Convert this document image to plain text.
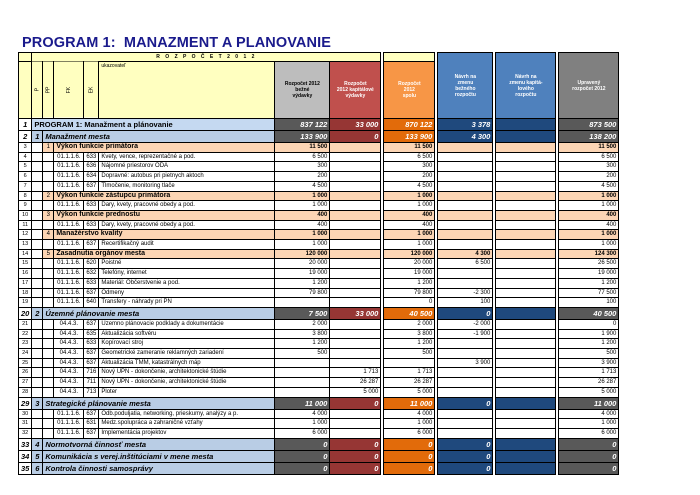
PROGRAM 1:  MANAZMENT A PLANOVANIE
	R O Z P O Č E T 2 0 1 2										Návrh na
zmenu
bežného
rozpočtu		Návrh na
zmenu kapitá-
lového
rozpočtu		Upravený
rozpočet 2012
	P	PP	FK	EK	ukazovateľ	Rozpočet 2012
bežné
výdavky	Rozpočet
2012 kapitálové
výdavky		Rozpočet
2012
spolu						
1	PROGRAM 1: Manažment a plánovanie					837 122	33 000		870 122		3 378				873 500
2	1	Manažment mesta				133 900	0		133 900		4 300				138 200
3		1	Výkon funkcie primátora			11 500			11 500						11 500
4			01.1.1.6.	633	Kvety, vence, reprezentačné a pod.	6 500			6 500						6 500
5			01.1.1.6.	636	Nájomné priestorov ODA	300			300						300
6			01.1.1.6.	634	Dopravné: autobus pri pietnych aktoch	200			200						200
7			01.1.1.6.	637	Tlmočenie, monitoring tlače	4 500			4 500						4 500
8		2	Výkon funkcie zástupcu primátora			1 000			1 000						1 000
9			01.1.1.6.	633	Dary, kvety, pracovné obedy a pod.	1 000			1 000						1 000
10		3	Výkon funkcie prednostu			400			400						400
11			01.1.1.6.	633	Dary, kvety, pracovné obedy a pod.	400			400						400
12		4	Manažérstvo kvality			1 000			1 000						1 000
13			01.1.1.6.	637	Recertifikačný audit	1 000			1 000						1 000
14		5	Zasadnutia orgánov mesta			120 000			120 000		4 300				124 300
15			01.1.1.6.	620	Poistné	20 000			20 000		6 500				26 500
16			01.1.1.6.	632	Telefóny, internet	19 000			19 000						19 000
17			01.1.1.6.	633	Materiál: Občerstvenie a pod.	1 200			1 200						1 200
18			01.1.1.6.	637	Odmeny	79 800			79 800		-2 300				77 500
19			01.1.1.6.	640	Transfery - náhrady pri PN				0		100				100
20	2	Územné plánovanie mesta				7 500	33 000		40 500		0				40 500
21			04.4.3.	637	Územno plánovacie podklady a dokumentácie	2 000			2 000		-2 000				0
22			04.4.3.	635	Aktualizácia softvéru	3 800			3 800		-1 900				1 900
23			04.4.3.	633	Kopírovací stroj	1 200			1 200						1 200
24			04.4.3.	637	Geometrické zameranie reklamných zariadení	500			500						500
25			04.4.3.	637	Aktualizácia TMM, katastrálnych máp						3 900				3 900
26			04.4.3.	716	Nový ÚPN - dokončenie, architektonické štúdie		1 713		1 713						1 713
27			04.4.3.	711	Nový ÚPN - dokončenie, architektonické štúdie		26 287		26 287						26 287
28			04.4.3.	713	Ploter		5 000		5 000						5 000
29	3	Strategické plánovanie mesta				11 000	0		11 000		0				11 000
30			01.1.1.6.	637	Odb.poduljatia, networking, prieskumy, analýzy a p.	4 000			4 000						4 000
31			01.1.1.6.	631	Medz.spolupráca a zahraničné vzťahy	1 000			1 000						1 000
32			01.1.1.6.	637	Implementácia projektov	6 000			6 000						6 000
33	4	Normotvorná činnosť mesta				0	0		0		0				0
34	5	Komunikácia s verej.inštitúciami v mene mesta				0	0		0		0				0
35	6	Kontrola činnosti samosprávy				0	0		0		0				0
